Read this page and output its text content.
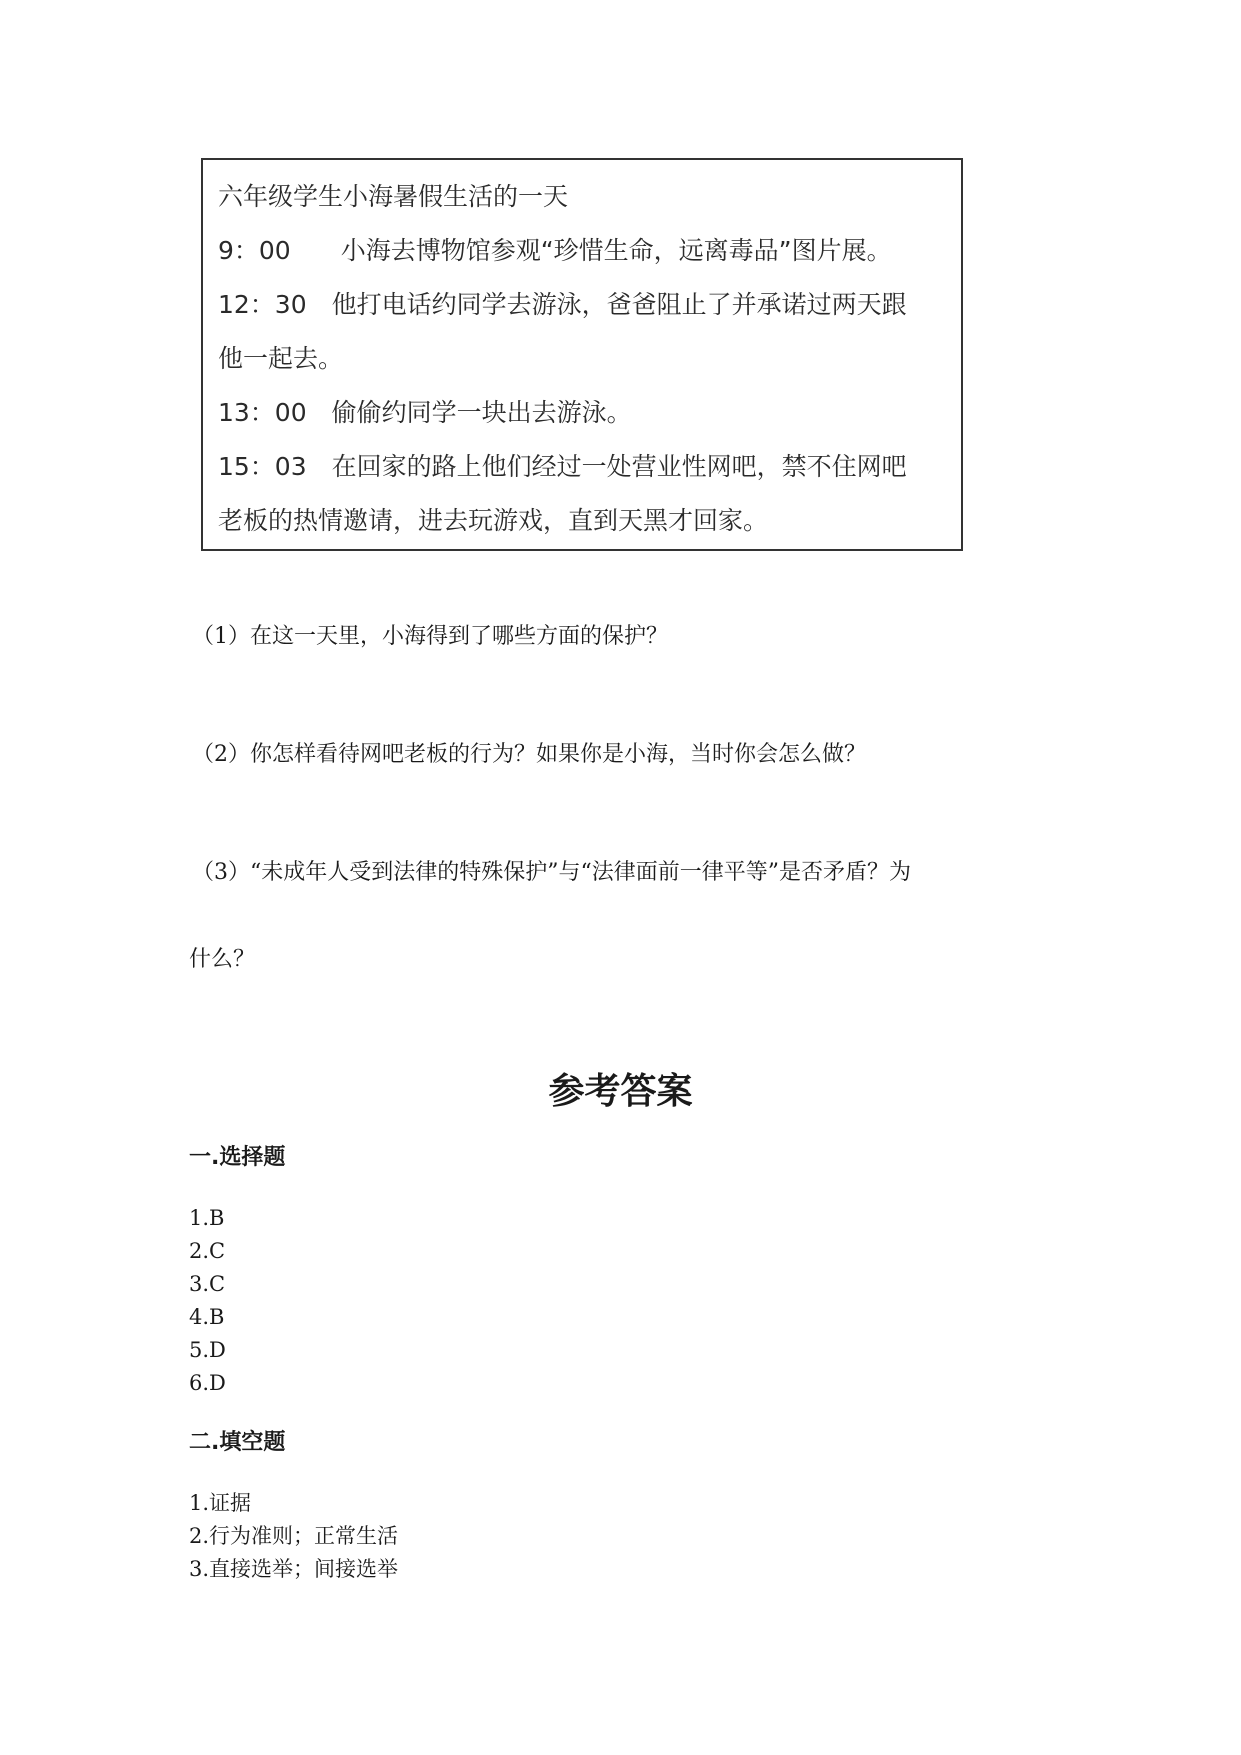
六年级学生小海暑假生活的一天
9：00　　小海去博物馆参观“珍惜生命，远离毒品”图片展。
12：30　他打电话约同学去游泳，爸爸阻止了并承诺过两天跟
他一起去。
13：00　偷偷约同学一块出去游泳。
15：03　在回家的路上他们经过一处营业性网吧，禁不住网吧
老板的热情邀请，进去玩游戏，直到天黑才回家。
（1）在这一天里，小海得到了哪些方面的保护？
（2）你怎样看待网吧老板的行为？如果你是小海，当时你会怎么做？
（3）“未成年人受到法律的特殊保护”与“法律面前一律平等”是否矛盾？为
什么？
参考答案
一.选择题
1.B
2.C
3.C
4.B
5.D
6.D
二.填空题
1.证据
2.行为准则；正常生活
3.直接选举；间接选举
